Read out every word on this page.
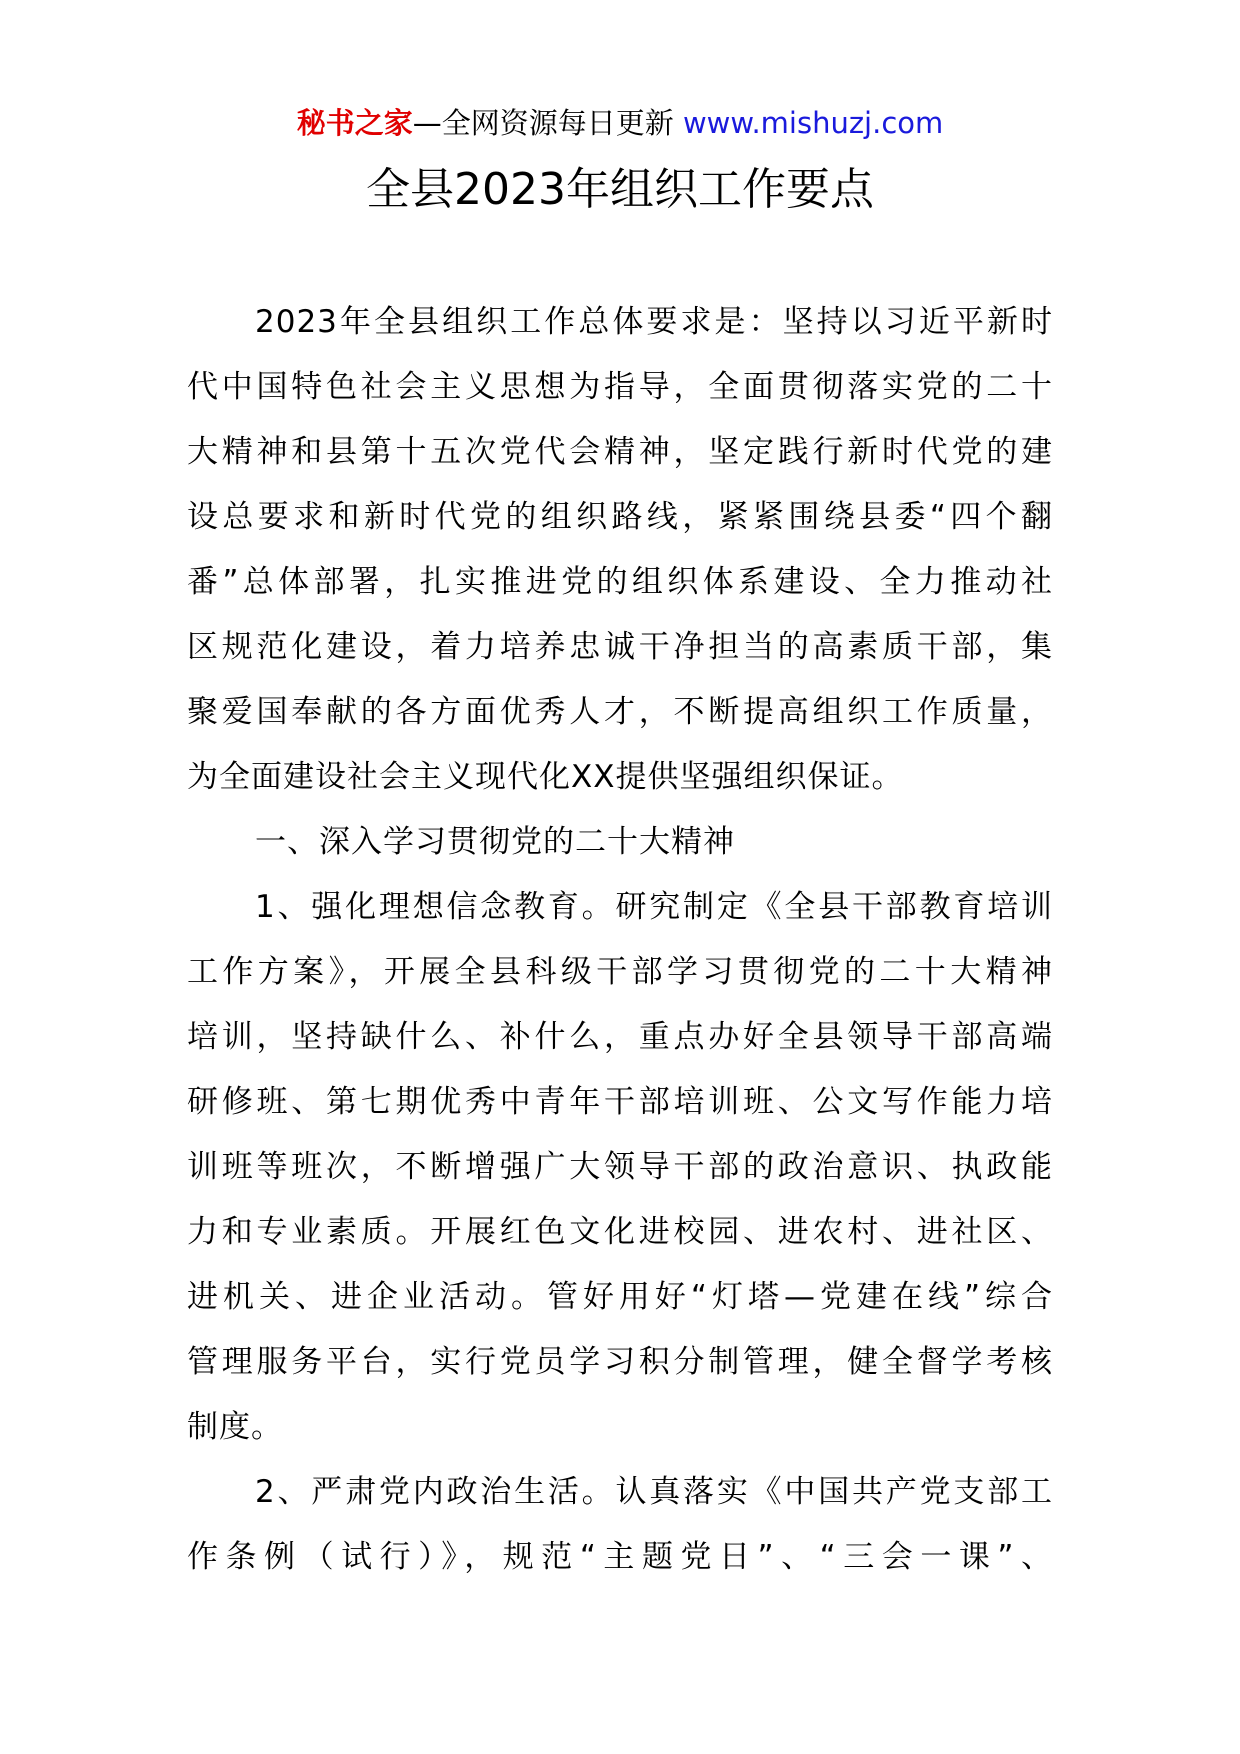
秘书之家—全网资源每日更新 www.mishuzj.com
全县2023年组织工作要点
2023年全县组织工作总体要求是：坚持以习近平新时
代中国特色社会主义思想为指导，全面贯彻落实党的二十
大精神和县第十五次党代会精神，坚定践行新时代党的建
设总要求和新时代党的组织路线，紧紧围绕县委“四个翻
番”总体部署，扎实推进党的组织体系建设、全力推动社
区规范化建设，着力培养忠诚干净担当的高素质干部，集
聚爱国奉献的各方面优秀人才，不断提高组织工作质量，
为全面建设社会主义现代化XX提供坚强组织保证。
一、深入学习贯彻党的二十大精神
1、强化理想信念教育。研究制定《全县干部教育培训
工作方案》，开展全县科级干部学习贯彻党的二十大精神
培训，坚持缺什么、补什么，重点办好全县领导干部高端
研修班、第七期优秀中青年干部培训班、公文写作能力培
训班等班次，不断增强广大领导干部的政治意识、执政能
力和专业素质。开展红色文化进校园、进农村、进社区、
进机关、进企业活动。管好用好“灯塔—党建在线”综合
管理服务平台，实行党员学习积分制管理，健全督学考核
制度。
2、严肃党内政治生活。认真落实《中国共产党支部工
作条例（试行）》，规范“主题党日”、“三会一课”、
